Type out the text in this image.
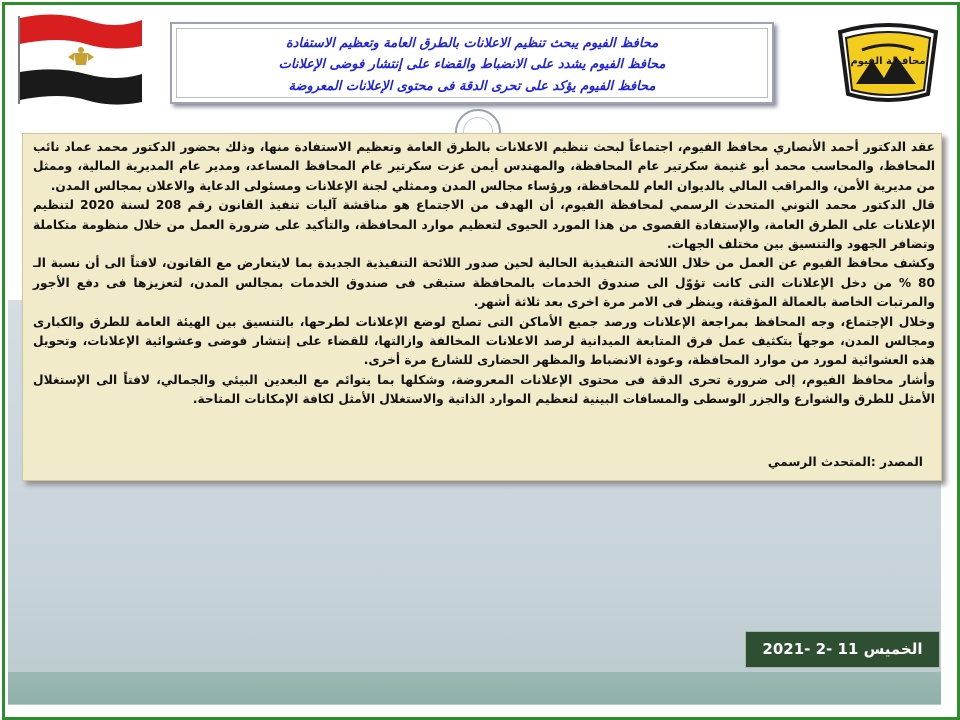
محافظة الفيوم
محافظ الفيوم يبحث تنظيم الاعلانات بالطرق العامة وتعظيم الاستفادة
محافظ الفيوم يشدد على الانضباط والقضاء على إنتشار فوضى الإعلانات
محافظ الفيوم يؤكد على تحرى الدقة فى محتوى الإعلانات المعروضة

عقد الدكتور أحمد الأنصاري محافظ الفيوم، اجتماعاً لبحث تنظيم الاعلانات بالطرق العامة وتعظيم الاستفادة منها، وذلك بحضور الدكتور محمد عماد نائب المحافظ، والمحاسب محمد أبو غنيمة سكرتير عام المحافظة، والمهندس أيمن عزت سكرتير عام المحافظ المساعد، ومدير عام المديرية المالية، وممثل من مديرية الأمن، والمراقب المالي بالديوان العام للمحافظة، ورؤساء مجالس المدن وممثلي لجنة الإعلانات ومسئولى الدعاية والاعلان بمجالس المدن.

قال الدكتور محمد التوني المتحدث الرسمي لمحافظة الفيوم، أن الهدف من الاجتماع هو مناقشة آليات تنفيذ القانون رقم 208 لسنة 2020 لتنظيم الإعلانات على الطرق العامة، والإستفادة القصوى من هذا المورد الحيوى لتعظيم موارد المحافظة، والتأكيد على ضرورة العمل من خلال منظومة متكاملة وتضافر الجهود والتنسيق بين مختلف الجهات.

وكشف محافظ الفيوم عن العمل من خلال اللائحة التنفيذية الحالية لحين صدور اللائحة التنفيذية الجديدة بما لايتعارض مع القانون، لافتاً الى أن نسبة الـ 80 % من دخل الإعلانات التى كانت تؤوّل الى صندوق الخدمات بالمحافظة ستبقى فى صندوق الخدمات بمجالس المدن، لتعزيزها فى دفع الأجور والمرتبات الخاصة بالعمالة المؤقتة، وينظر فى الامر مرة اخرى بعد ثلاثة أشهر.

وخلال الإجتماع، وجه المحافظ بمراجعة الإعلانات ورصد جميع الأماكن التى تصلح لوضع الإعلانات لطرحها، بالتنسيق بين الهيئة العامة للطرق والكبارى ومجالس المدن، موجهاً بتكثيف عمل فرق المتابعة الميدانية لرصد الاعلانات المخالفة وازالتها، للقضاء على إنتشار فوضى وعشوائية الإعلانات، وتحويل هذه العشوائية لمورد من موارد المحافظة، وعودة الانضباط والمظهر الحضارى للشارع مرة أخرى.

وأشار محافظ الفيوم، إلى ضرورة تحرى الدقة فى محتوى الإعلانات المعروضة، وشكلها بما يتوائم مع البعدين البيئي والجمالي، لافتاً الى الإستغلال الأمثل للطرق والشوارع والجزر الوسطى والمسافات البينية لتعظيم الموارد الذاتية والاستغلال الأمثل لكافة الإمكانات المتاحة.

المصدر :المتحدث الرسمي
الخميس 11 -2 -2021
